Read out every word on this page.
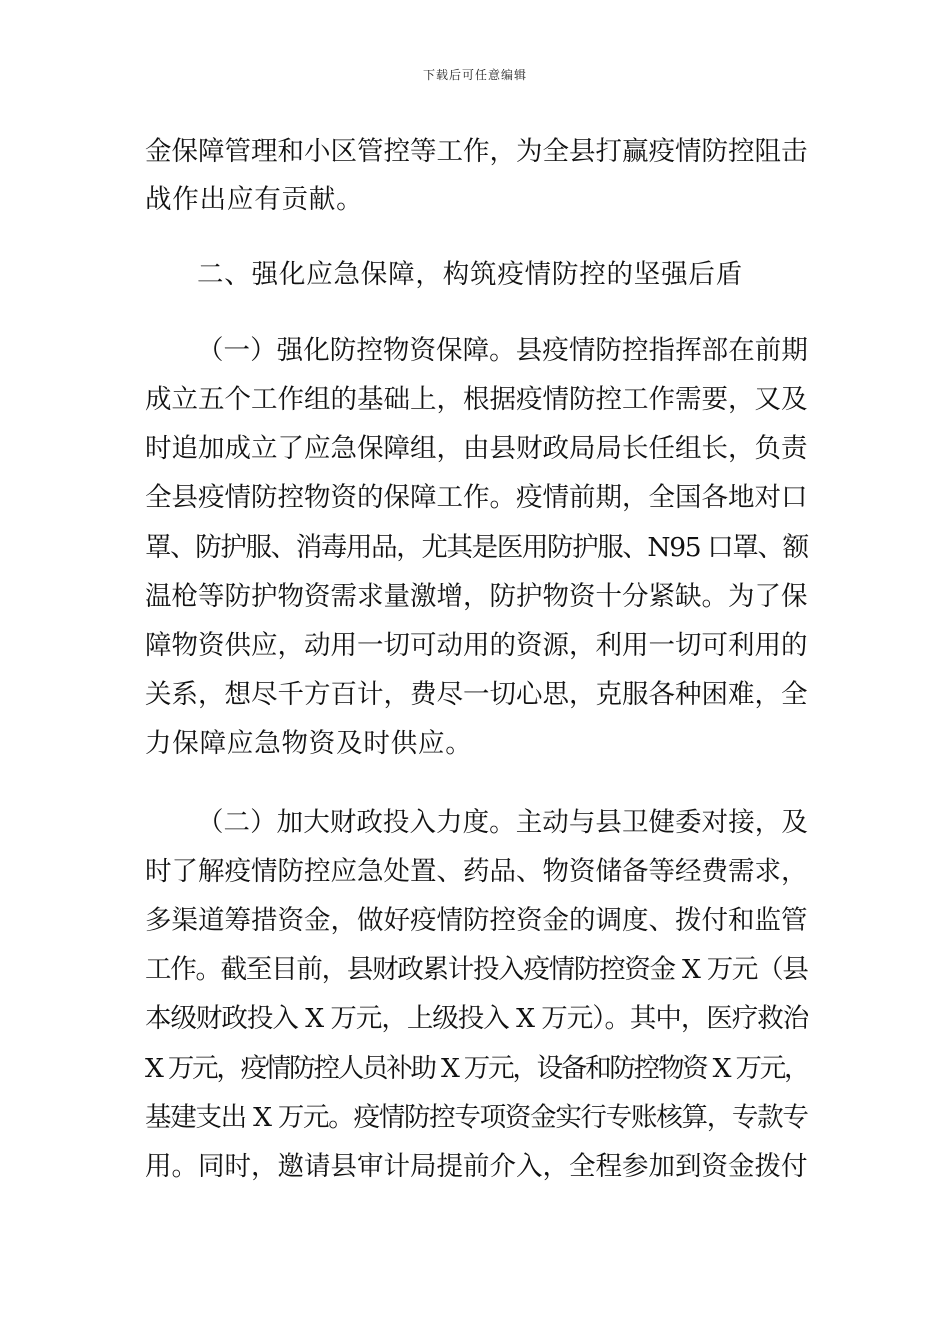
下载后可任意编辑
金保障管理和小区管控等工作，为全县打赢疫情防控阻击
战作出应有贡献。
二、强化应急保障，构筑疫情防控的坚强后盾
（一）强化防控物资保障。县疫情防控指挥部在前期
成立五个工作组的基础上，根据疫情防控工作需要，又及
时追加成立了应急保障组，由县财政局局长任组长，负责
全县疫情防控物资的保障工作。疫情前期，全国各地对口
罩、防护服、消毒用品，尤其是医用防护服、N95 口罩、额
温枪等防护物资需求量激增，防护物资十分紧缺。为了保
障物资供应，动用一切可动用的资源，利用一切可利用的
关系，想尽千方百计，费尽一切心思，克服各种困难，全
力保障应急物资及时供应。
（二）加大财政投入力度。主动与县卫健委对接，及
时了解疫情防控应急处置、药品、物资储备等经费需求，
多渠道筹措资金，做好疫情防控资金的调度、拨付和监管
工作。截至目前，县财政累计投入疫情防控资金 X 万元（县
本级财政投入 X 万元，上级投入 X 万元）。其中，医疗救治
X 万元，疫情防控人员补助 X 万元，设备和防控物资 X 万元，
基建支出 X 万元。疫情防控专项资金实行专账核算，专款专
用。同时，邀请县审计局提前介入，全程参加到资金拨付
